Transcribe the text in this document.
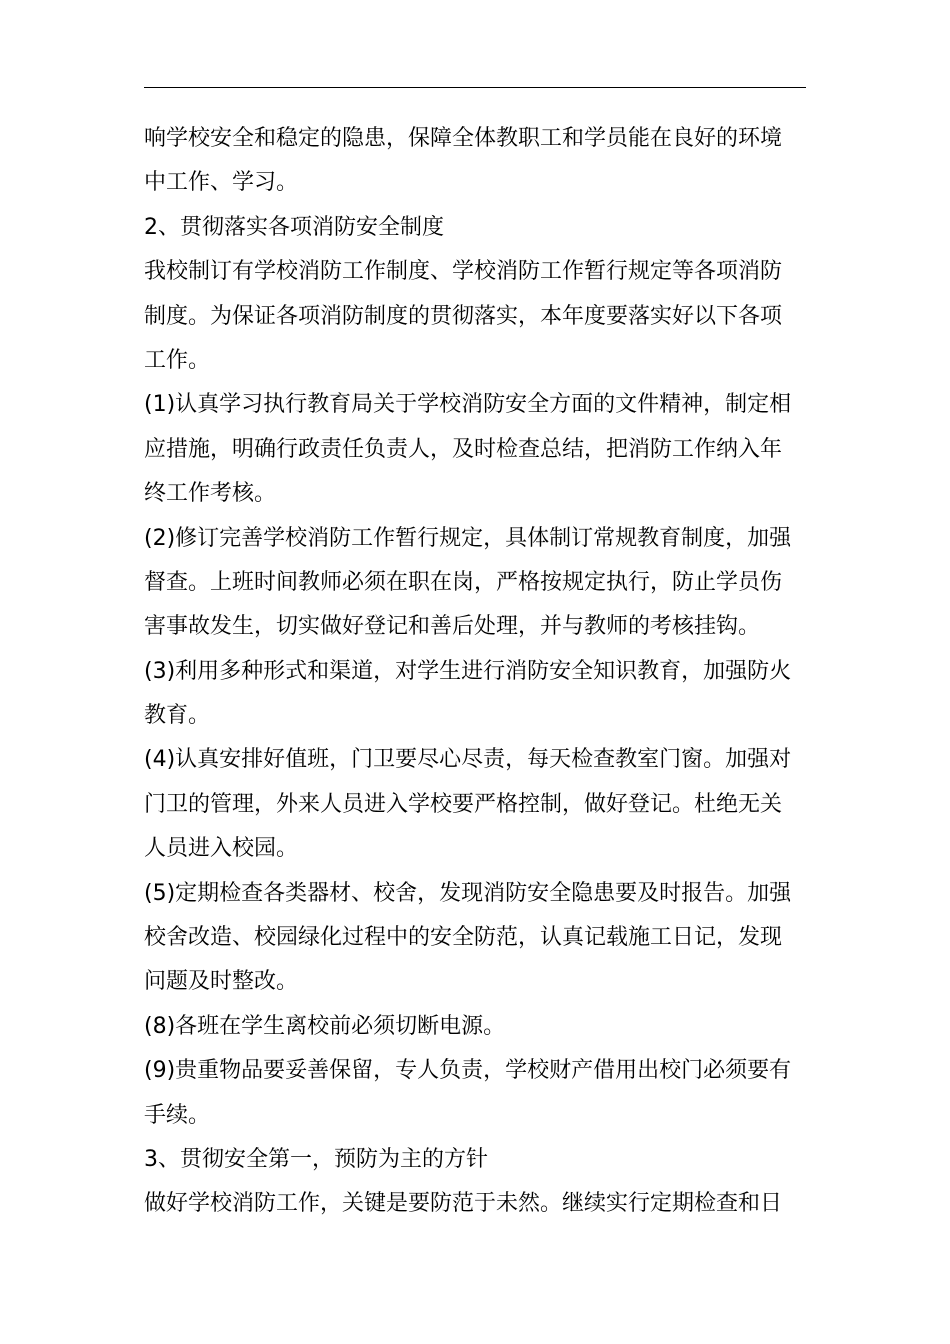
响学校安全和稳定的隐患，保障全体教职工和学员能在良好的环境
中工作、学习。
2、贯彻落实各项消防安全制度
我校制订有学校消防工作制度、学校消防工作暂行规定等各项消防
制度。为保证各项消防制度的贯彻落实，本年度要落实好以下各项
工作。
(1)认真学习执行教育局关于学校消防安全方面的文件精神，制定相
应措施，明确行政责任负责人，及时检查总结，把消防工作纳入年
终工作考核。
(2)修订完善学校消防工作暂行规定，具体制订常规教育制度，加强
督查。上班时间教师必须在职在岗，严格按规定执行，防止学员伤
害事故发生，切实做好登记和善后处理，并与教师的考核挂钩。
(3)利用多种形式和渠道，对学生进行消防安全知识教育，加强防火
教育。
(4)认真安排好值班，门卫要尽心尽责，每天检查教室门窗。加强对
门卫的管理，外来人员进入学校要严格控制，做好登记。杜绝无关
人员进入校园。
(5)定期检查各类器材、校舍，发现消防安全隐患要及时报告。加强
校舍改造、校园绿化过程中的安全防范，认真记载施工日记，发现
问题及时整改。
(8)各班在学生离校前必须切断电源。
(9)贵重物品要妥善保留，专人负责，学校财产借用出校门必须要有
手续。
3、贯彻安全第一，预防为主的方针
做好学校消防工作，关键是要防范于未然。继续实行定期检查和日
